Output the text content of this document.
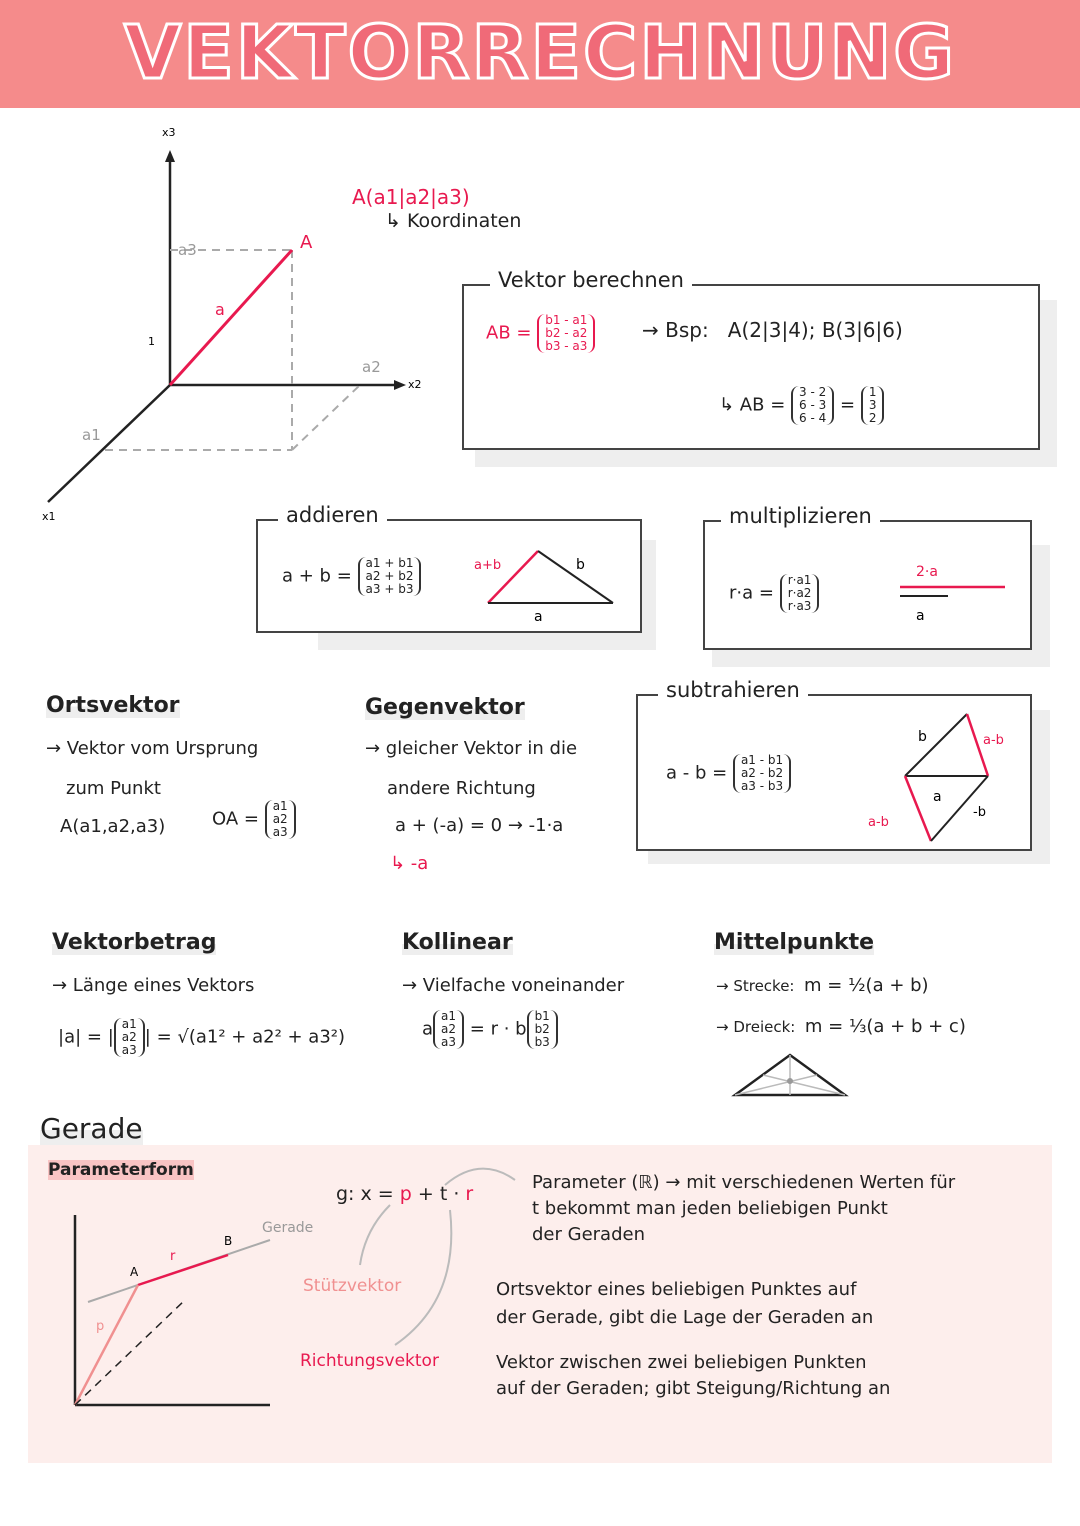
VEKTORRECHNUNG
x3
x2
x1
A
a
a3
a2
a1
1
A(a1|a2|a3)
↳ Koordinaten
Vektor berechnen
AB =
b1 - a1
b2 - a2
b3 - a3
→ Bsp: A(2|3|4); B(3|6|6)
↳ AB =
3 - 2
6 - 3
6 - 4
=
1
3
2
addieren
a + b =
a1 + b1
a2 + b2
a3 + b3
a+b	b
a
multiplizieren
r·a =
r·a1
r·a2
r·a3
2·a
a
Ortsvektor
→ Vektor vom Ursprung
zum Punkt
A(a1,a2,a3)	OA =
a1
a2
a3
Gegenvektor
→ gleicher Vektor in die
andere Richtung
a + (-a) = 0 → -1·a
↳ -a
subtrahieren
a - b =
a1 - b1
a2 - b2
a3 - b3
b	a-b
a
-b
a-b
Vektorbetrag
→ Länge eines Vektors
|a| = |
a1
a2
a3
| = √(a1² + a2² + a3²)
Kollinear
→ Vielfache voneinander
a
a1
a2
a3
= r · b
b1
b2
b3
Mittelpunkte
→ Strecke: m = ½(a + b)
→ Dreieck: m = ⅓(a + b + c)
Gerade
Parameterform
A
B
r
p
Gerade
g: x = p + t · r
Stützvektor
Richtungsvektor
Parameter (ℝ) → mit verschiedenen Werten für
t bekommt man jeden beliebigen Punkt
der Geraden
Ortsvektor eines beliebigen Punktes auf
der Gerade, gibt die Lage der Geraden an
Vektor zwischen zwei beliebigen Punkten
auf der Geraden; gibt Steigung/Richtung an
